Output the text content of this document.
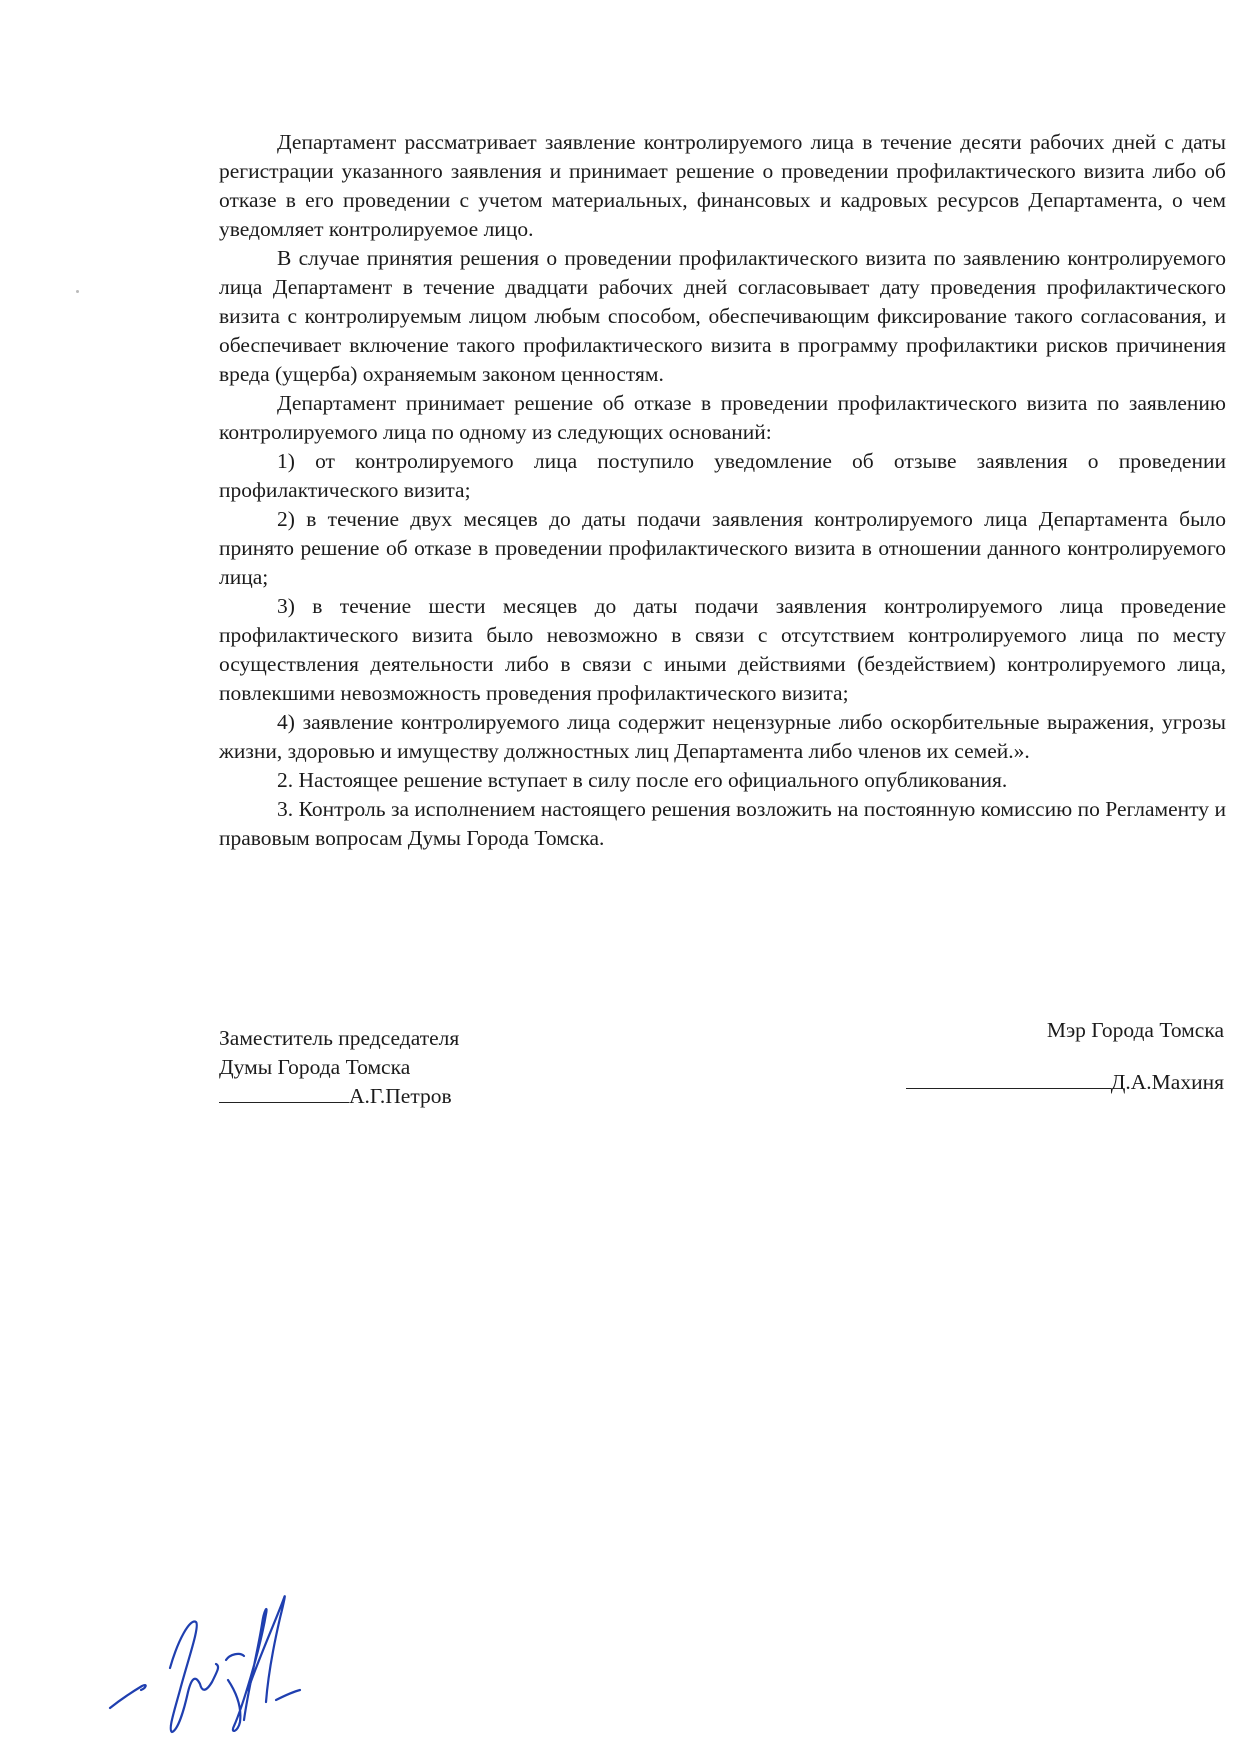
Департамент рассматривает заявление контролируемого лица в течение десяти рабочих дней с даты регистрации указанного заявления и принимает решение о проведении профилактического визита либо об отказе в его проведении с учетом материальных, финансовых и кадровых ресурсов Департамента, о чем уведомляет контролируемое лицо.

В случае принятия решения о проведении профилактического визита по заявлению контролируемого лица Департамент в течение двадцати рабочих дней согласовывает дату проведения профилактического визита с контролируемым лицом любым способом, обеспечивающим фиксирование такого согласования, и обеспечивает включение такого профилактического визита в программу профилактики рисков причинения вреда (ущерба) охраняемым законом ценностям.

Департамент принимает решение об отказе в проведении профилактического визита по заявлению контролируемого лица по одному из следующих оснований:

1) от контролируемого лица поступило уведомление об отзыве заявления о проведении профилактического визита;

2) в течение двух месяцев до даты подачи заявления контролируемого лица Департамента было принято решение об отказе в проведении профилактического визита в отношении данного контролируемого лица;

3) в течение шести месяцев до даты подачи заявления контролируемого лица проведение профилактического визита было невозможно в связи с отсутствием контролируемого лица по месту осуществления деятельности либо в связи с иными действиями (бездействием) контролируемого лица, повлекшими невозможность проведения профилактического визита;

4) заявление контролируемого лица содержит нецензурные либо оскорбительные выражения, угрозы жизни, здоровью и имуществу должностных лиц Департамента либо членов их семей.».

2. Настоящее решение вступает в силу после его официального опубликования.

3. Контроль за исполнением настоящего решения возложить на постоянную комиссию по Регламенту и правовым вопросам Думы Города Томска.

Заместитель председателя
Думы Города Томска
А.Г.Петров
Мэр Города Томска
Д.А.Махиня
